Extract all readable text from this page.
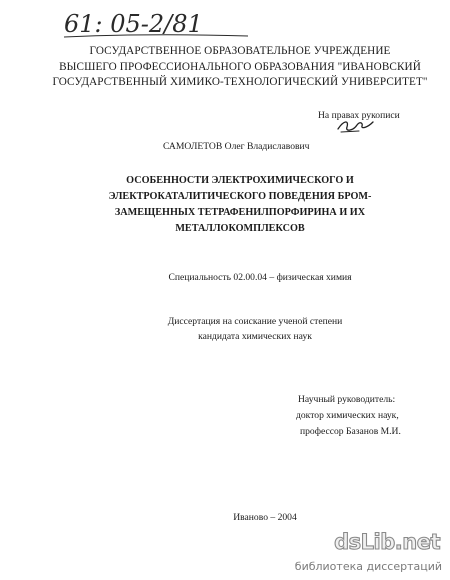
61: 05-2/81
ГОСУДАРСТВЕННОЕ ОБРАЗОВАТЕЛЬНОЕ УЧРЕЖДЕНИЕ
ВЫСШЕГО ПРОФЕССИОНАЛЬНОГО ОБРАЗОВАНИЯ "ИВАНОВСКИЙ
ГОСУДАРСТВЕННЫЙ ХИМИКО-ТЕХНОЛОГИЧЕСКИЙ УНИВЕРСИТЕТ"
На правах рукописи
САМОЛЕТОВ Олег Владиславович
ОСОБЕННОСТИ ЭЛЕКТРОХИМИЧЕСКОГО И
ЭЛЕКТРОКАТАЛИТИЧЕСКОГО ПОВЕДЕНИЯ БРОМ-
ЗАМЕЩЕННЫХ ТЕТРАФЕНИЛПОРФИРИНА И ИХ
МЕТАЛЛОКОМПЛЕКСОВ
Специальность 02.00.04 – физическая химия
Диссертация на соискание ученой степени
кандидата химических наук
Научный руководитель:
доктор химических наук,
профессор Базанов М.И.
Иваново – 2004
dsLib.net
библиотека диссертаций
